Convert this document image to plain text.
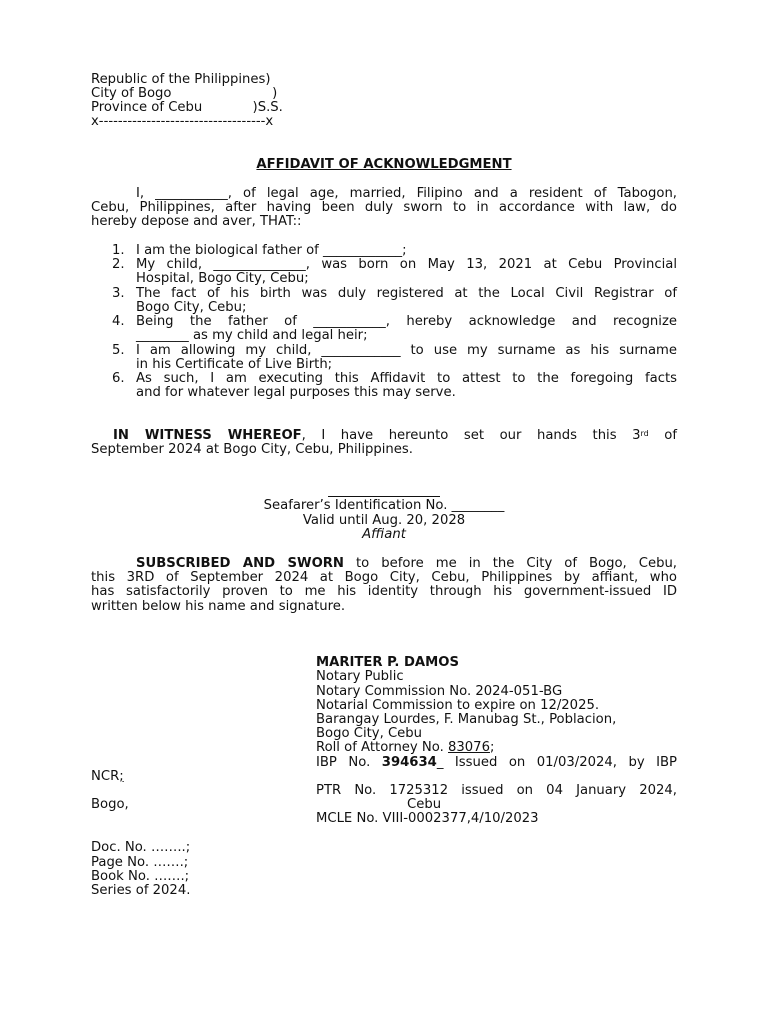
Republic of the Philippines)
City of Bogo                        )
Province of Cebu            )S.S.
x-----------------------------------x
AFFIDAVIT OF ACKNOWLEDGMENT
I, ___________, of legal age, married, Filipino and a resident of Tabogon,
Cebu, Philippines, after having been duly sworn to in accordance with law, do
hereby depose and aver, THAT::
1. I am the biological father of ____________;
2. My child, ______________, was born on May 13, 2021 at Cebu Provincial
Hospital, Bogo City, Cebu;
3. The fact of his birth was duly registered at the Local Civil Registrar of
Bogo City, Cebu;
4. Being the father of ___________, hereby acknowledge and recognize
________ as my child and legal heir;
5. I am allowing my child, ____________ to use my surname as his surname
in his Certificate of Live Birth;
6. As such, I am executing this Affidavit to attest to the foregoing facts
and for whatever legal purposes this may serve.
IN WITNESS WHEREOF, I have hereunto set our hands this 3rd of
September 2024 at Bogo City, Cebu, Philippines.
Seafarer’s Identification No. ________
Valid until Aug. 20, 2028
Affiant
SUBSCRIBED AND SWORN to before me in the City of Bogo, Cebu,
this 3RD of September 2024 at Bogo City, Cebu, Philippines by affiant, who
has satisfactorily proven to me his identity through his government-issued ID
written below his name and signature.
MARITER P. DAMOS
Notary Public
Notary Commission No. 2024-051-BG
Notarial Commission to expire on 12/2025.
Barangay Lourdes, F. Manubag St., Poblacion,
Bogo City, Cebu
Roll of Attorney No. 83076;
IBP No. 394634_ Issued on 01/03/2024, by IBP
NCR;
PTR No. 1725312 issued on 04 January 2024,
Bogo,	Cebu
MCLE No. VIII-0002377,4/10/2023
Doc. No. ……..;
Page No. …….;
Book No. …….;
Series of 2024.
